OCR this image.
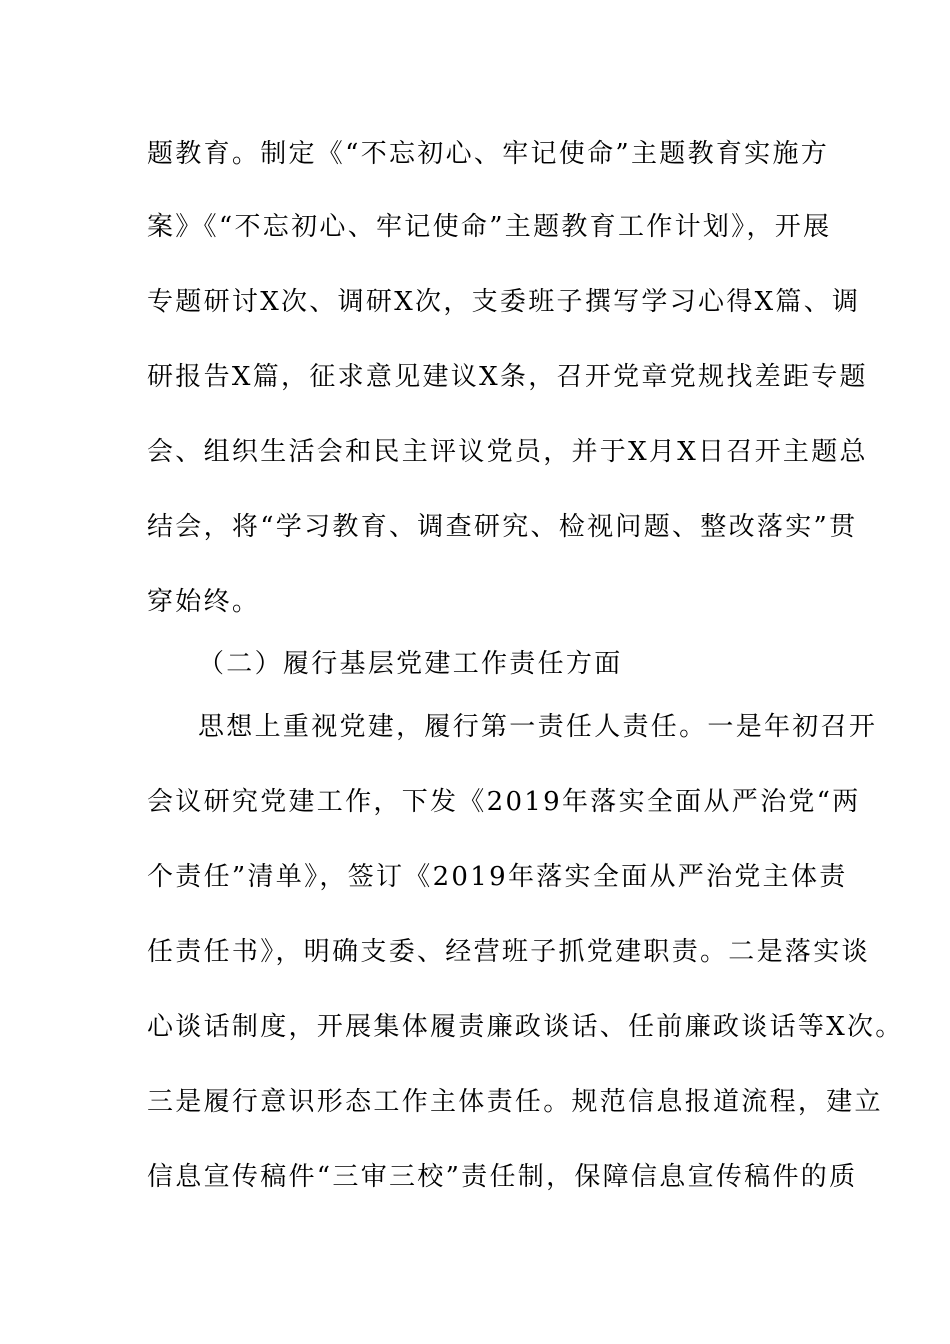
题教育。制定《“不忘初心、牢记使命”主题教育实施方
案》《“不忘初心、牢记使命”主题教育工作计划》，开展
专题研讨X次、调研X次，支委班子撰写学习心得X篇、调
研报告X篇，征求意见建议X条，召开党章党规找差距专题
会、组织生活会和民主评议党员，并于X月X日召开主题总
结会，将“学习教育、调查研究、检视问题、整改落实”贯
穿始终。
（二）履行基层党建工作责任方面
思想上重视党建，履行第一责任人责任。一是年初召开
会议研究党建工作，下发《2019年落实全面从严治党“两
个责任”清单》，签订《2019年落实全面从严治党主体责
任责任书》，明确支委、经营班子抓党建职责。二是落实谈
心谈话制度，开展集体履责廉政谈话、任前廉政谈话等X次。
三是履行意识形态工作主体责任。规范信息报道流程，建立
信息宣传稿件“三审三校”责任制，保障信息宣传稿件的质
